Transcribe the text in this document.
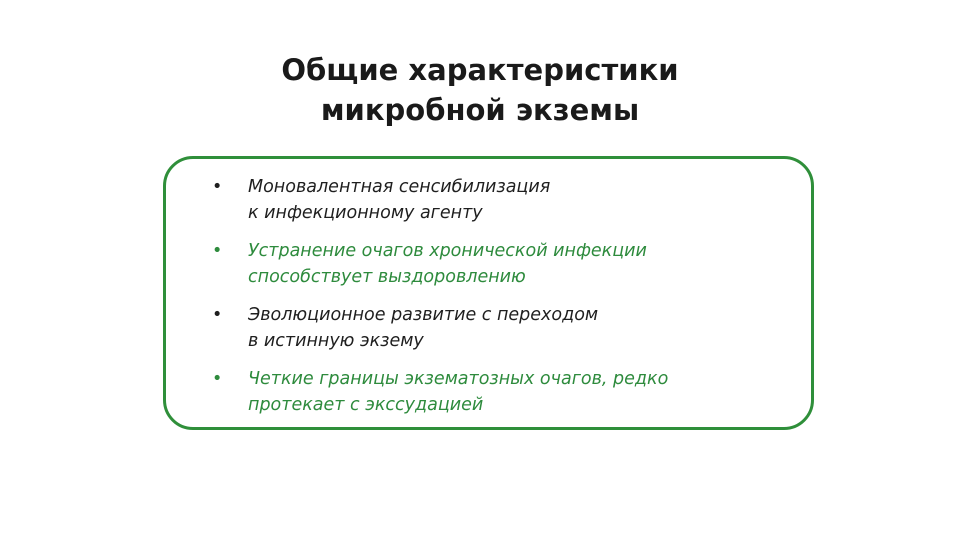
Общие характеристики
микробной экземы
• Моновалентная сенсибилизация
к инфекционному агенту
• Устранение очагов хронической инфекции
способствует выздоровлению
• Эволюционное развитие с переходом
в истинную экзему
• Четкие границы экзематозных очагов, редко
протекает с экссудацией
